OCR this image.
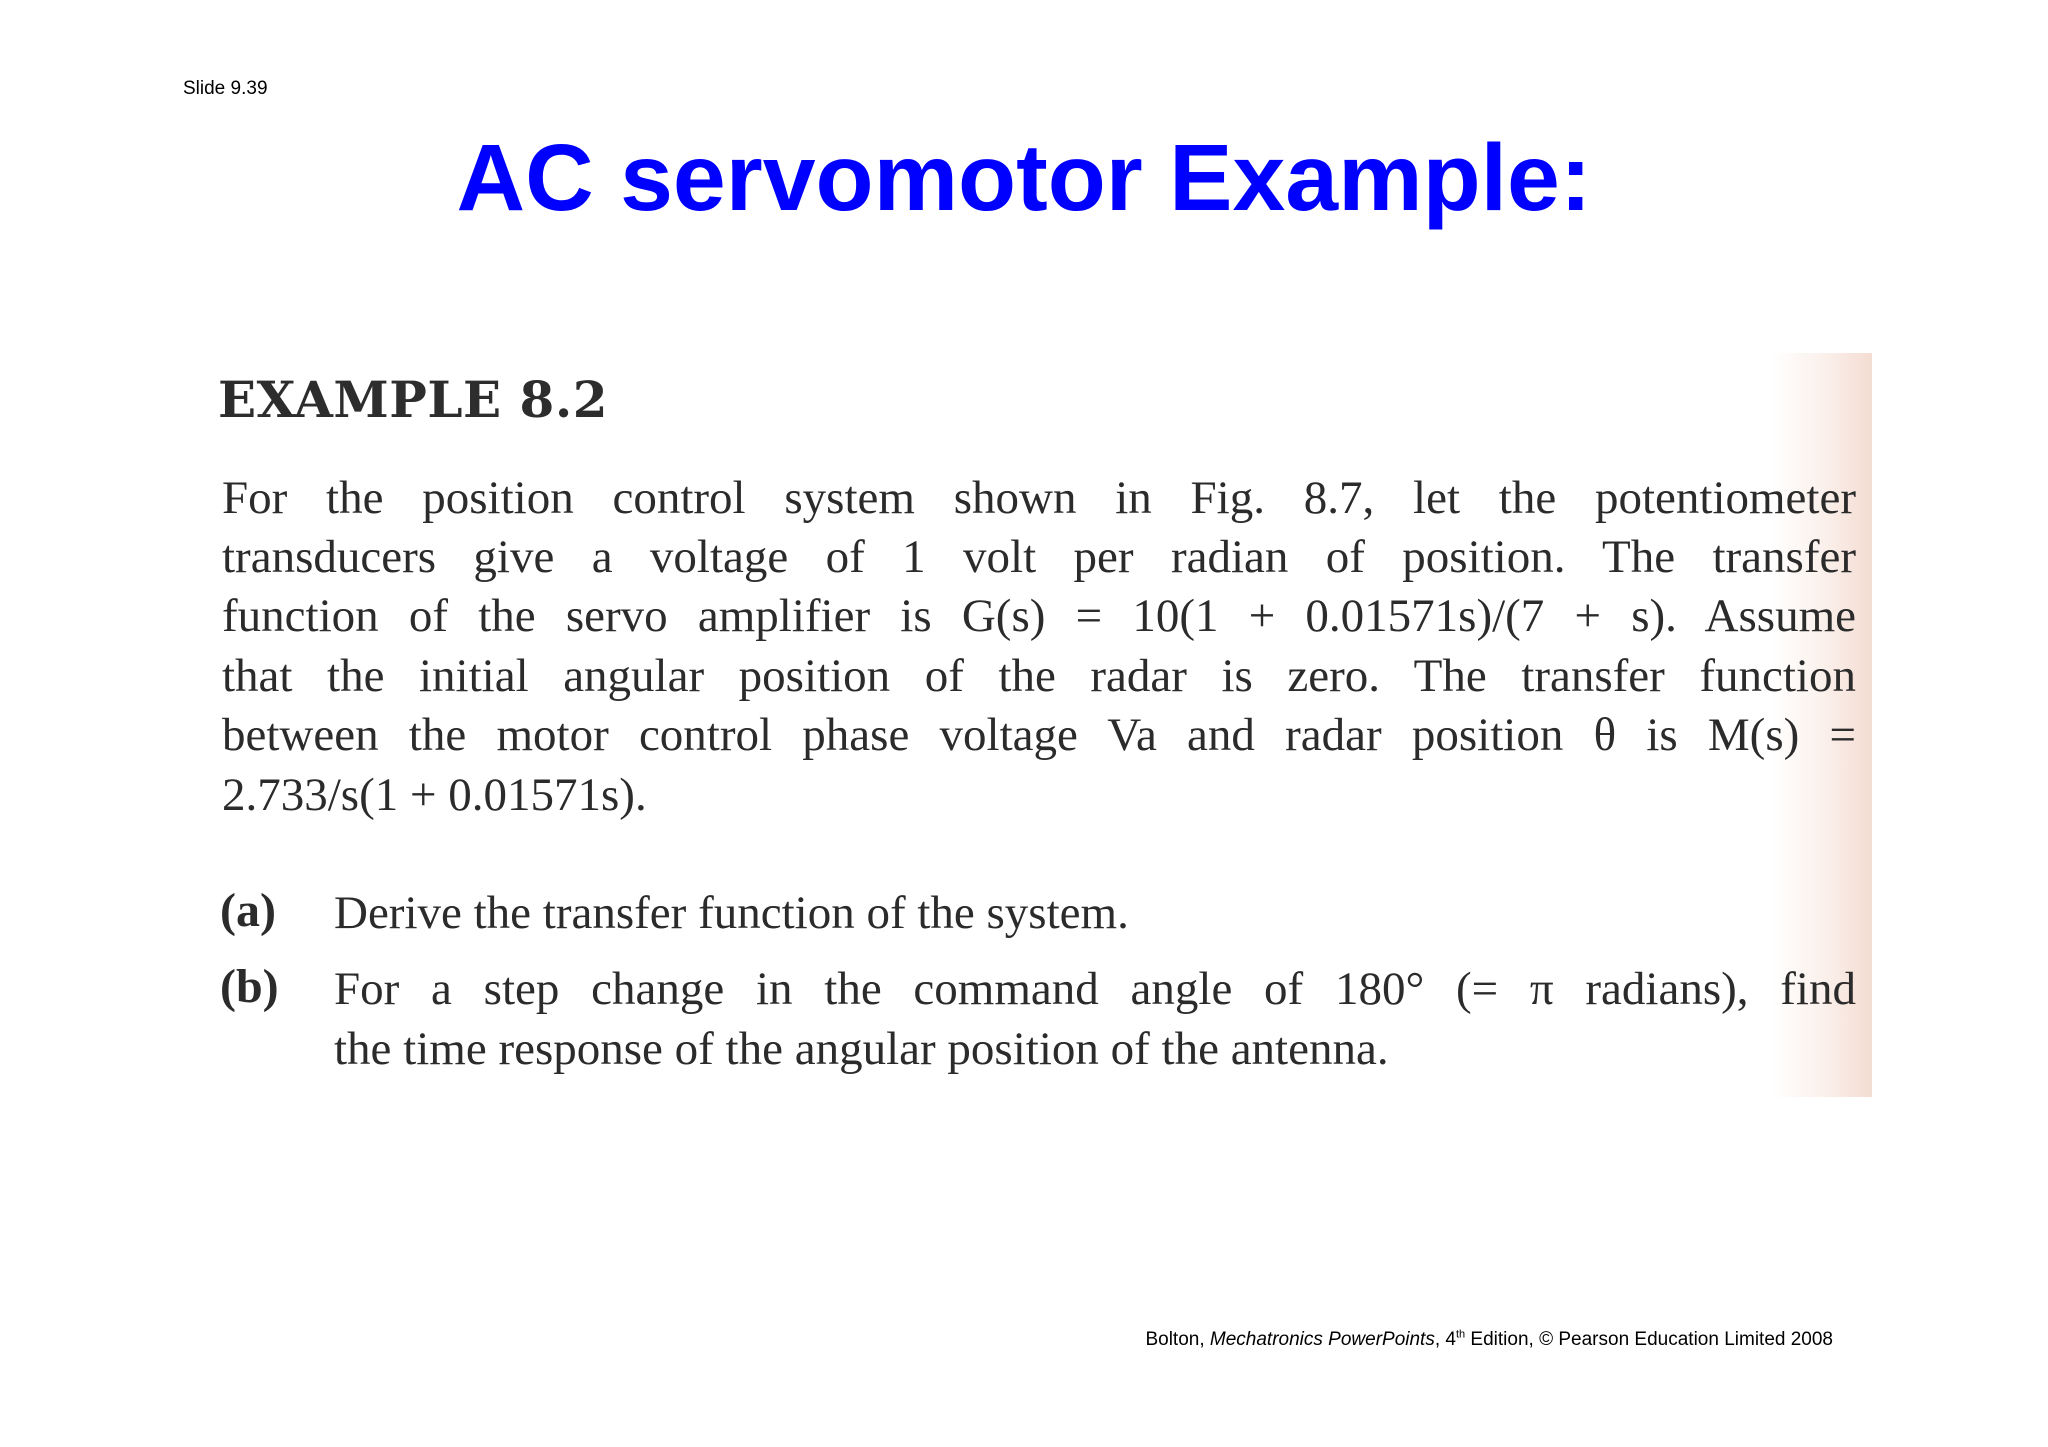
Slide 9.39
AC servomotor Example:
EXAMPLE 8.2
For the position control system shown in Fig. 8.7, let the potentiometer
transducers give a voltage of 1 volt per radian of position. The transfer
function of the servo amplifier is G(s) = 10(1 + 0.01571s)/(7 + s). Assume
that the initial angular position of the radar is zero. The transfer function
between the motor control phase voltage Va and radar position θ is M(s) =
2.733/s(1 + 0.01571s).
(a) Derive the transfer function of the system.
(b) For a step change in the command angle of 180° (= π radians), find
the time response of the angular position of the antenna.
Bolton, Mechatronics PowerPoints, 4th Edition, © Pearson Education Limited 2008
